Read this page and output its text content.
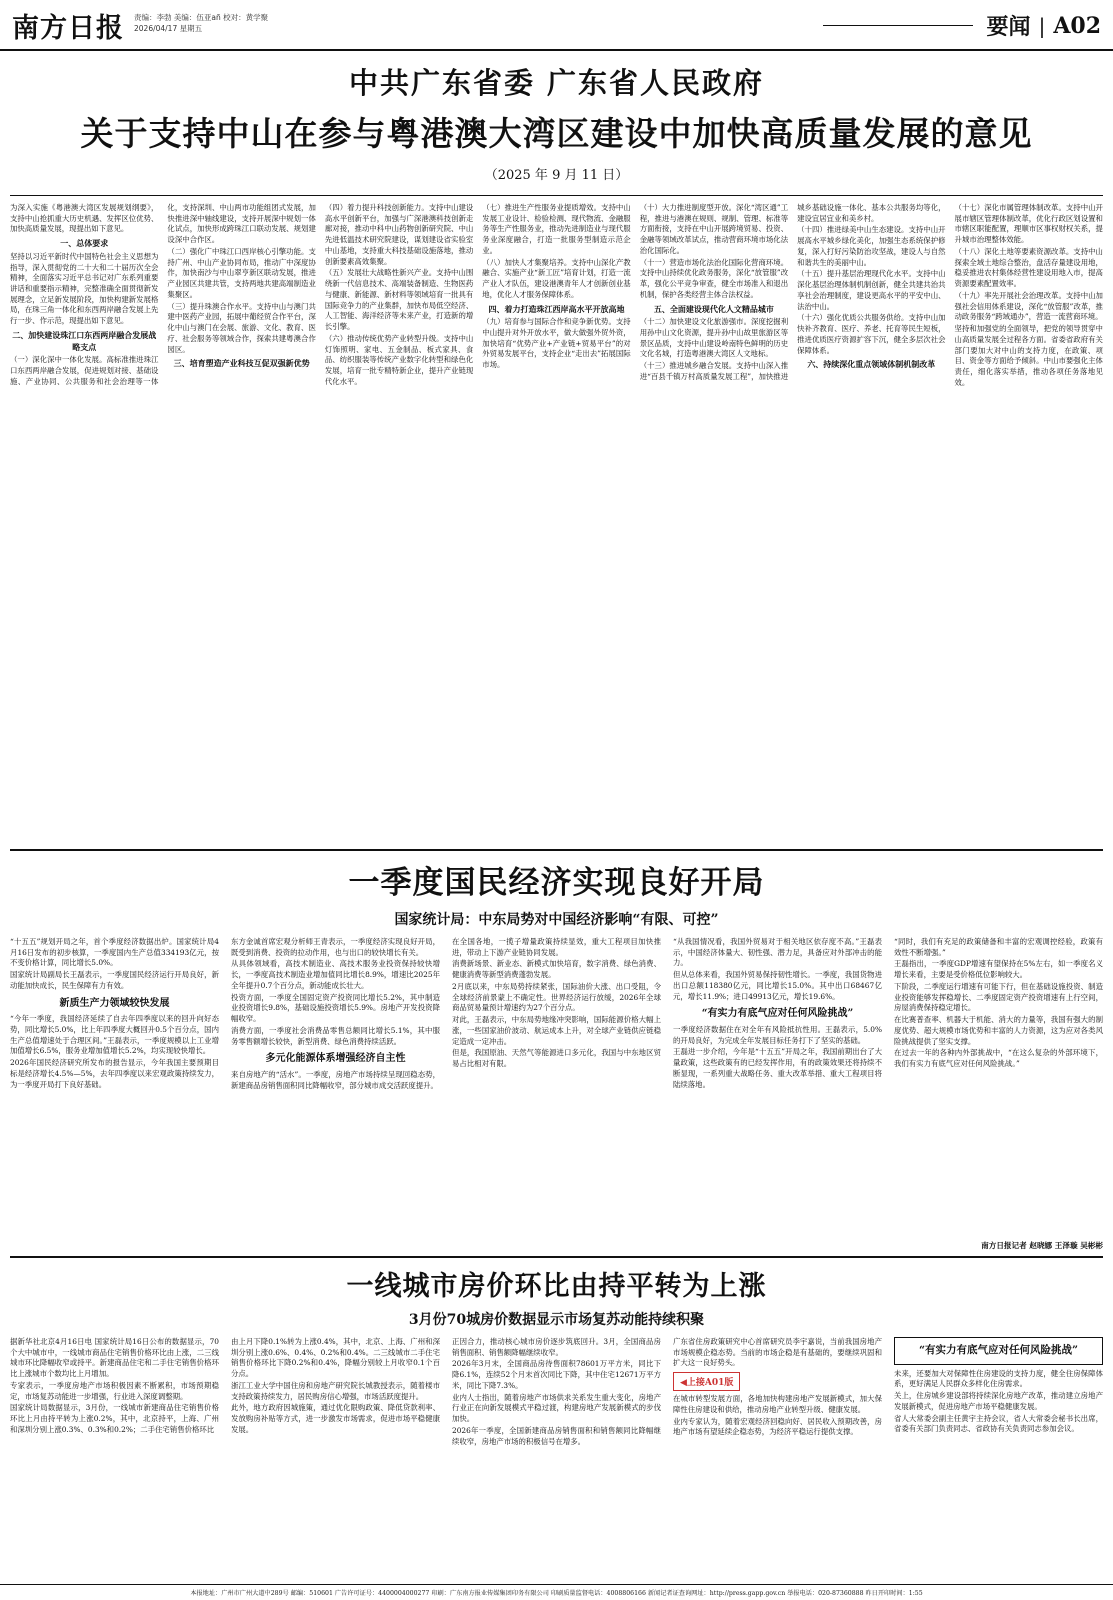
南方日报	责编：李勃 美编：伍亚añ 校对：黄学聚
2026/04/17 星期五	要闻 | A02
中共广东省委 广东省人民政府
关于支持中山在参与粤港澳大湾区建设中加快高质量发展的意见
（2025 年 9 月 11 日）

为深入实施《粤港澳大湾区发展规划纲要》，支持中山抢抓重大历史机遇、发挥区位优势、加快高质量发展，现提出如下意见。

一、总体要求

坚持以习近平新时代中国特色社会主义思想为指导，深入贯彻党的二十大和二十届历次全会精神，全面落实习近平总书记对广东系列重要讲话和重要指示精神，完整准确全面贯彻新发展理念，立足新发展阶段，加快构建新发展格局，在珠三角一体化和东西两岸融合发展上先行一步、作示范，现提出如下意见。

二、加快建设珠江口东西两岸融合发展战略支点

（一）深化深中一体化发展。高标准推进珠江口东西两岸融合发展，促进规划对接、基础设施、产业协同、公共服务和社会治理等一体化，支持深圳、中山两市功能组团式发展，加快推进深中轴线建设，支持开展深中规划一体化试点，加快形成跨珠江口联动发展、规划建设深中合作区。

（二）强化广中珠江口西岸核心引擎功能。支持广州、中山产业协同布局，推动广中深度协作，加快南沙与中山翠亨新区联动发展，推进产业园区共建共管，支持两地共建高端制造业集聚区。

（三）提升珠澳合作水平。支持中山与澳门共建中医药产业园，拓展中葡经贸合作平台，深化中山与澳门在会展、旅游、文化、教育、医疗、社会服务等领域合作，探索共建粤澳合作园区。

三、培育塑造产业科技互促双强新优势

（四）着力提升科技创新能力。支持中山建设高水平创新平台，加强与广深港澳科技创新走廊对接，推动中科中山药物创新研究院、中山先进低温技术研究院建设，谋划建设省实验室中山基地，支持重大科技基础设施落地，推动创新要素高效集聚。

（五）发展壮大战略性新兴产业。支持中山围绕新一代信息技术、高端装备制造、生物医药与健康、新能源、新材料等领域培育一批具有国际竞争力的产业集群，加快布局低空经济、人工智能、海洋经济等未来产业，打造新的增长引擎。

（六）推动传统优势产业转型升级。支持中山灯饰照明、家电、五金制品、板式家具、食品、纺织服装等传统产业数字化转型和绿色化发展，培育一批专精特新企业，提升产业链现代化水平。

（七）推进生产性服务业提质增效。支持中山发展工业设计、检验检测、现代物流、金融服务等生产性服务业，推动先进制造业与现代服务业深度融合，打造一批服务型制造示范企业。

（八）加快人才集聚培养。支持中山深化产教融合、实施产业“新工匠”培育计划，打造一流产业人才队伍，建设港澳青年人才创新创业基地，优化人才服务保障体系。

四、着力打造珠江西岸高水平开放高地

（九）培育参与国际合作和竞争新优势。支持中山提升对外开放水平，做大做强外贸外资，加快培育“优势产业+产业链+贸易平台”的对外贸易发展平台，支持企业“走出去”拓展国际市场。

（十）大力推进制度型开放。深化“湾区通”工程，推进与港澳在规则、规制、管理、标准等方面衔接，支持在中山开展跨境贸易、投资、金融等领域改革试点，推动营商环境市场化法治化国际化。

（十一）营造市场化法治化国际化营商环境。支持中山持续优化政务服务，深化“放管服”改革，强化公平竞争审查，健全市场准入和退出机制，保护各类经营主体合法权益。

五、全面建设现代化人文精品城市

（十二）加快建设文化旅游强市。深度挖掘利用孙中山文化资源，提升孙中山故里旅游区等景区品质，支持中山建设岭南特色鲜明的历史文化名城，打造粤港澳大湾区人文地标。

（十三）推进城乡融合发展。支持中山深入推进“百县千镇万村高质量发展工程”，加快推进城乡基础设施一体化、基本公共服务均等化，建设宜居宜业和美乡村。

（十四）推进绿美中山生态建设。支持中山开展高水平城乡绿化美化，加强生态系统保护修复，深入打好污染防治攻坚战，建设人与自然和谐共生的美丽中山。

（十五）提升基层治理现代化水平。支持中山深化基层治理体制机制创新，健全共建共治共享社会治理制度，建设更高水平的平安中山、法治中山。

（十六）强化优质公共服务供给。支持中山加快补齐教育、医疗、养老、托育等民生短板，推进优质医疗资源扩容下沉，健全多层次社会保障体系。

六、持续深化重点领域体制机制改革

（十七）深化市属管理体制改革。支持中山开展市辖区管理体制改革，优化行政区划设置和市辖区职能配置，理顺市区事权财权关系，提升城市治理整体效能。

（十八）深化土地等要素资源改革。支持中山探索全域土地综合整治，盘活存量建设用地，稳妥推进农村集体经营性建设用地入市，提高资源要素配置效率。

（十九）率先开展社会治理改革。支持中山加强社会信用体系建设，深化“放管服”改革，推动政务服务“跨域通办”，营造一流营商环境。

坚持和加强党的全面领导，把党的领导贯穿中山高质量发展全过程各方面。省委省政府有关部门要加大对中山的支持力度，在政策、项目、资金等方面给予倾斜。中山市要强化主体责任，细化落实举措，推动各项任务落地见效。

一季度国民经济实现良好开局
国家统计局：中东局势对中国经济影响“有限、可控”

“十五五”规划开局之年，首个季度经济数据出炉。国家统计局4月16日发布的初步核算，一季度国内生产总值334193亿元，按不变价格计算，同比增长5.0%。

国家统计局副局长王磊表示，一季度国民经济运行开局良好，新动能加快成长，民生保障有力有效。

新质生产力领域较快发展

“今年一季度，我国经济延续了自去年四季度以来的回升向好态势，同比增长5.0%，比上年四季度大概回升0.5个百分点，国内生产总值增速处于合理区间。”王磊表示，一季度规模以上工业增加值增长6.5%，服务业增加值增长5.2%，均实现较快增长。

2026年国民经济研究所发布的报告显示，今年我国主要预期目标是经济增长4.5%—5%，去年四季度以来宏观政策持续发力，为一季度开局打下良好基础。

东方金诚首席宏观分析师王青表示，一季度经济实现良好开局，既受到消费、投资的拉动作用，也与出口的较快增长有关。

从具体领域看，高技术制造业、高技术服务业投资保持较快增长，一季度高技术制造业增加值同比增长8.9%，增速比2025年全年提升0.7个百分点，新动能成长壮大。

投资方面，一季度全国固定资产投资同比增长5.2%，其中制造业投资增长9.8%，基础设施投资增长5.9%。房地产开发投资降幅收窄。

消费方面，一季度社会消费品零售总额同比增长5.1%，其中服务零售额增长较快，新型消费、绿色消费持续活跃。

多元化能源体系增强经济自主性

来自房地产的“活水”。一季度，房地产市场持续呈现回稳态势，新建商品房销售面积同比降幅收窄，部分城市成交活跃度提升。

在全国各地，一揽子增量政策持续显效，重大工程项目加快推进，带动上下游产业链协同发展。

消费新场景、新业态、新模式加快培育，数字消费、绿色消费、健康消费等新型消费蓬勃发展。

2月底以来，中东局势持续紧张，国际油价大涨、出口受阻，令全球经济前景蒙上不确定性。世界经济运行放缓，2026年全球商品贸易量预计增速约为27个百分点。

对此，王磊表示，中东局势地缘冲突影响，国际能源价格大幅上涨，一些国家油价波动、航运成本上升，对全球产业链供应链稳定造成一定冲击。

但是，我国原油、天然气等能源进口多元化，我国与中东地区贸易占比相对有限。

“从我国情况看，我国外贸易对于相关地区依存度不高。”王磊表示，中国经济体量大、韧性强、潜力足，具备应对外部冲击的能力。

但从总体来看，我国外贸易保持韧性增长。一季度，我国货物进出口总额118380亿元，同比增长15.0%。其中出口68467亿元，增长11.9%；进口49913亿元，增长19.6%。

“有实力有底气应对任何风险挑战”

一季度经济数据住在对全年有风险抵抗性用。王磊表示，5.0%的开局良好，为完成全年发展目标任务打下了坚实的基础。

王磊进一步介绍，今年是“十五五”开局之年，我国前期出台了大量政策，这些政策有的已经发挥作用，有的政策效果还将持续不断显现，一系列重大战略任务、重大改革举措、重大工程项目将陆续落地。

“同时，我们有充足的政策储备和丰富的宏观调控经验，政策有效性不断增强。”

王磊指出，一季度GDP增速有望保持在5%左右，如一季度名义增长来看，主要是受价格低位影响较大。

下阶段，二季度运行增速有可能下行，但在基础设施投资、制造业投资能够发挥稳增长、二季度固定资产投资增速有上行空间，房屋消费保持稳定增长。

在比赛普查率、机器大于机能、消大的力量等，我国有强大的制度优势、超大规模市场优势和丰富的人力资源，这为应对各类风险挑战提供了坚实支撑。

在过去一年的各种内外部挑战中，“在这么复杂的外部环境下，我们有实力有底气应对任何风险挑战。”

南方日报记者 赵晓娜 王泽璇 吴彬彬
一线城市房价环比由持平转为上涨
3月份70城房价数据显示市场复苏动能持续积聚

据新华社北京4月16日电 国家统计局16日公布的数据显示，70个大中城市中，一线城市商品住宅销售价格环比由上涨，二三线城市环比降幅收窄或持平。新建商品住宅和二手住宅销售价格环比上涨城市个数均比上月增加。

专家表示，一季度房地产市场积极因素不断累积，市场预期稳定，市场复苏动能进一步增强，行业进入深度调整期。

国家统计局数据显示，3月份，一线城市新建商品住宅销售价格环比上月由持平转为上涨0.2%，其中，北京持平，上海、广州和深圳分别上涨0.3%、0.3%和0.2%；二手住宅销售价格环比

由上月下降0.1%转为上涨0.4%，其中，北京、上海、广州和深圳分别上涨0.6%、0.4%、0.2%和0.4%。二三线城市二手住宅销售价格环比下降0.2%和0.4%，降幅分别较上月收窄0.1个百分点。

浙江工业大学中国住房和房地产研究院长城教授表示，随着楼市支持政策持续发力，居民购房信心增强，市场活跃度提升。

此外，地方政府因城施策，通过优化限购政策、降低贷款利率、发放购房补贴等方式，进一步激发市场需求，促进市场平稳健康发展。

正因合力，推动核心城市房价逐步筑底回升。3月，全国商品房销售面积、销售额降幅继续收窄。

2026年3月末，全国商品房待售面积78601万平方米，同比下降6.1%，连续52个月末首次同比下降，其中住宅12671万平方米，同比下降7.3%。

业内人士指出，随着房地产市场供求关系发生重大变化，房地产行业正在向新发展模式平稳过渡，构建房地产发展新模式的步伐加快。

2026年一季度，全国新建商品房销售面积和销售额同比降幅继续收窄，房地产市场的积极信号在增多。

广东省住房政策研究中心首席研究员李宇嘉说，当前我国房地产市场规模企稳态势。当前的市场企稳是有基础的，要继续巩固和扩大这一良好势头。

◀上接A01版

在城市转型发展方面，各地加快构建房地产发展新模式，加大保障性住房建设和供给，推动房地产业转型升级、健康发展。

业内专家认为，随着宏观经济回稳向好、居民收入预期改善，房地产市场有望延续企稳态势，为经济平稳运行提供支撑。

“有实力有底气应对任何风险挑战”

未来，还要加大对保障性住房建设的支持力度，健全住房保障体系，更好满足人民群众多样化住房需求。

关上，住房城乡建设部将持续深化房地产改革，推动建立房地产发展新模式，促进房地产市场平稳健康发展。

省人大常委会副主任黄宇主持会议，省人大常委会秘书长出席，省委有关部门负责同志、省政协有关负责同志参加会议。

本报地址：广州市广州大道中289号 邮编：510601 广告许可证号：4400004000277 印刷：广东南方报业传媒集团印务有限公司 印刷质量监督电话：4008806166 新闻记者证查询网址：http://press.gapp.gov.cn 举报电话：020-87360888 昨日开印时间：1:55
